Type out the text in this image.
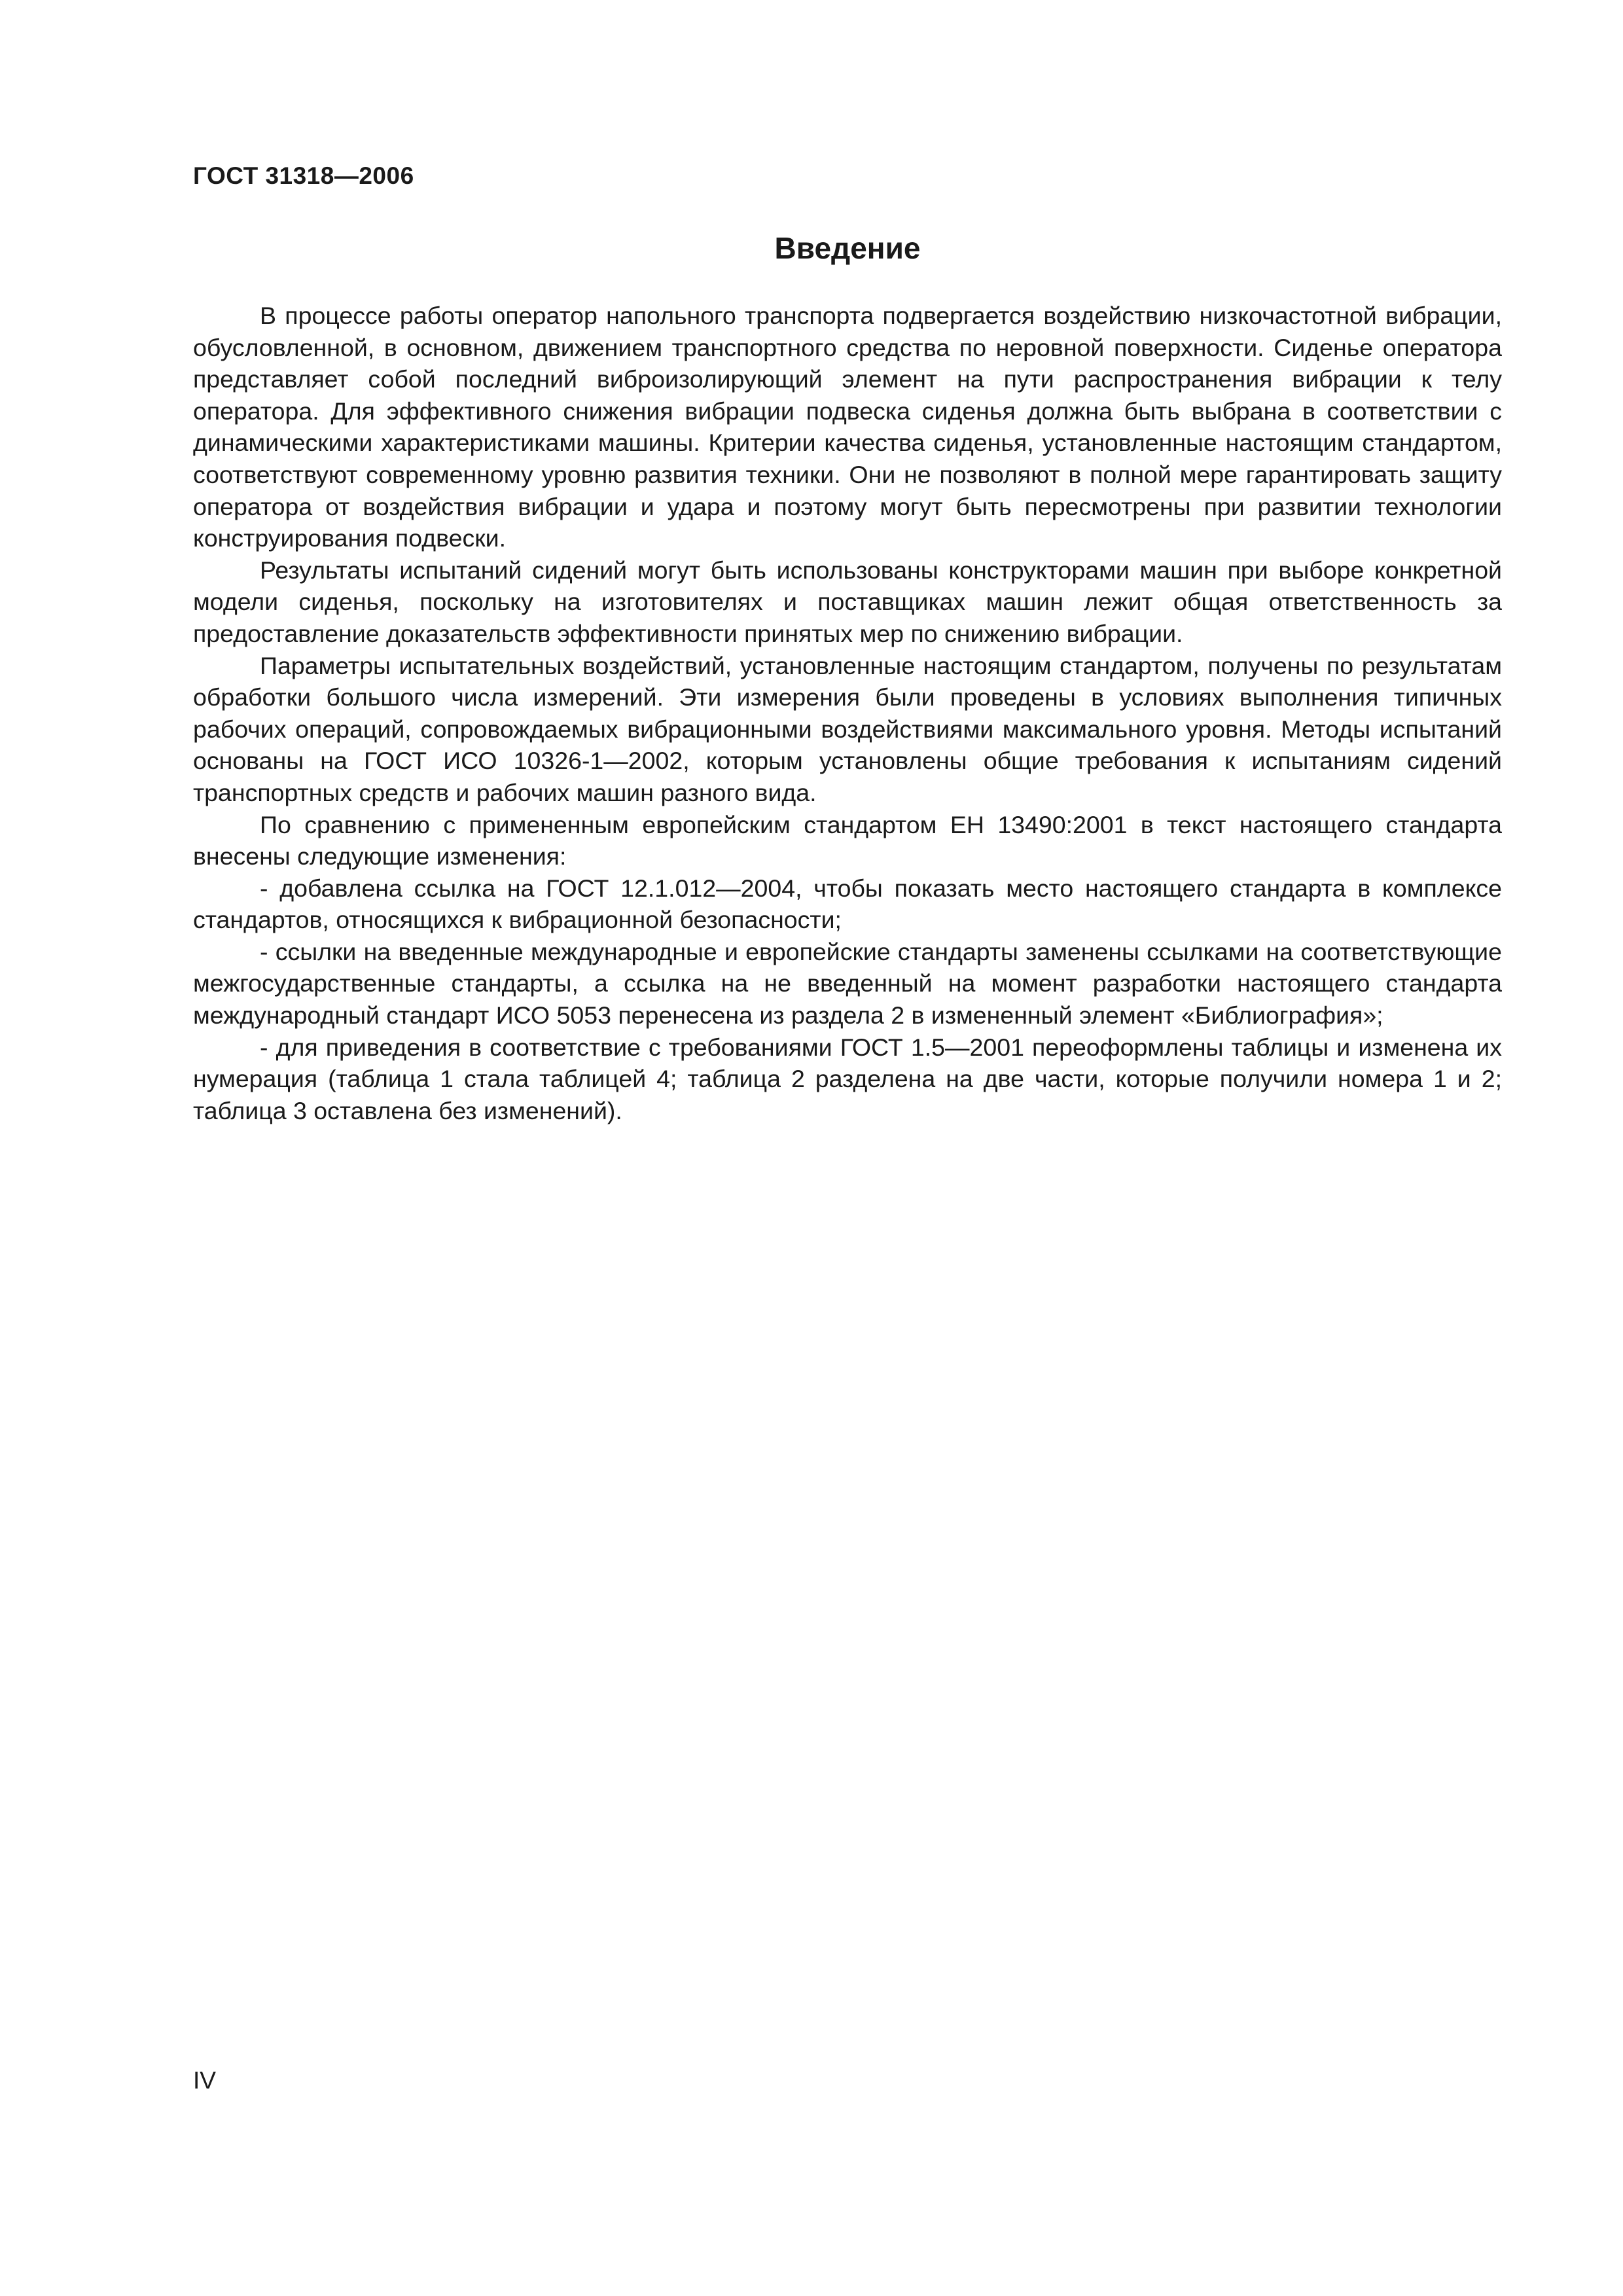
ГОСТ 31318—2006
Введение

В процессе работы оператор напольного транспорта подвергается воздействию низкочастотной вибрации, обусловленной, в основном, движением транспортного средства по неровной поверхности. Сиденье оператора представляет собой последний виброизолирующий элемент на пути распространения вибрации к телу оператора. Для эффективного снижения вибрации подвеска сиденья должна быть выбрана в соответствии с динамическими характеристиками машины. Критерии качества сиденья, установленные настоящим стандартом, соответствуют современному уровню развития техники. Они не позволяют в полной мере гарантировать защиту оператора от воздействия вибрации и удара и поэтому могут быть пересмотрены при развитии технологии конструирования подвески.

Результаты испытаний сидений могут быть использованы конструкторами машин при выборе конкретной модели сиденья, поскольку на изготовителях и поставщиках машин лежит общая ответственность за предоставление доказательств эффективности принятых мер по снижению вибрации.

Параметры испытательных воздействий, установленные настоящим стандартом, получены по результатам обработки большого числа измерений. Эти измерения были проведены в условиях выполнения типичных рабочих операций, сопровождаемых вибрационными воздействиями максимального уровня. Методы испытаний основаны на ГОСТ ИСО 10326-1—2002, которым установлены общие требования к испытаниям сидений транспортных средств и рабочих машин разного вида.

По сравнению с примененным европейским стандартом ЕН 13490:2001 в текст настоящего стандарта внесены следующие изменения:

- добавлена ссылка на ГОСТ 12.1.012—2004, чтобы показать место настоящего стандарта в комплексе стандартов, относящихся к вибрационной безопасности;

- ссылки на введенные международные и европейские стандарты заменены ссылками на соответствующие межгосударственные стандарты, а ссылка на не введенный на момент разработки настоящего стандарта международный стандарт ИСО 5053 перенесена из раздела 2 в измененный элемент «Библиография»;

- для приведения в соответствие с требованиями ГОСТ 1.5—2001 переоформлены таблицы и изменена их нумерация (таблица 1 стала таблицей 4; таблица 2 разделена на две части, которые получили номера 1 и 2; таблица 3 оставлена без изменений).

IV
